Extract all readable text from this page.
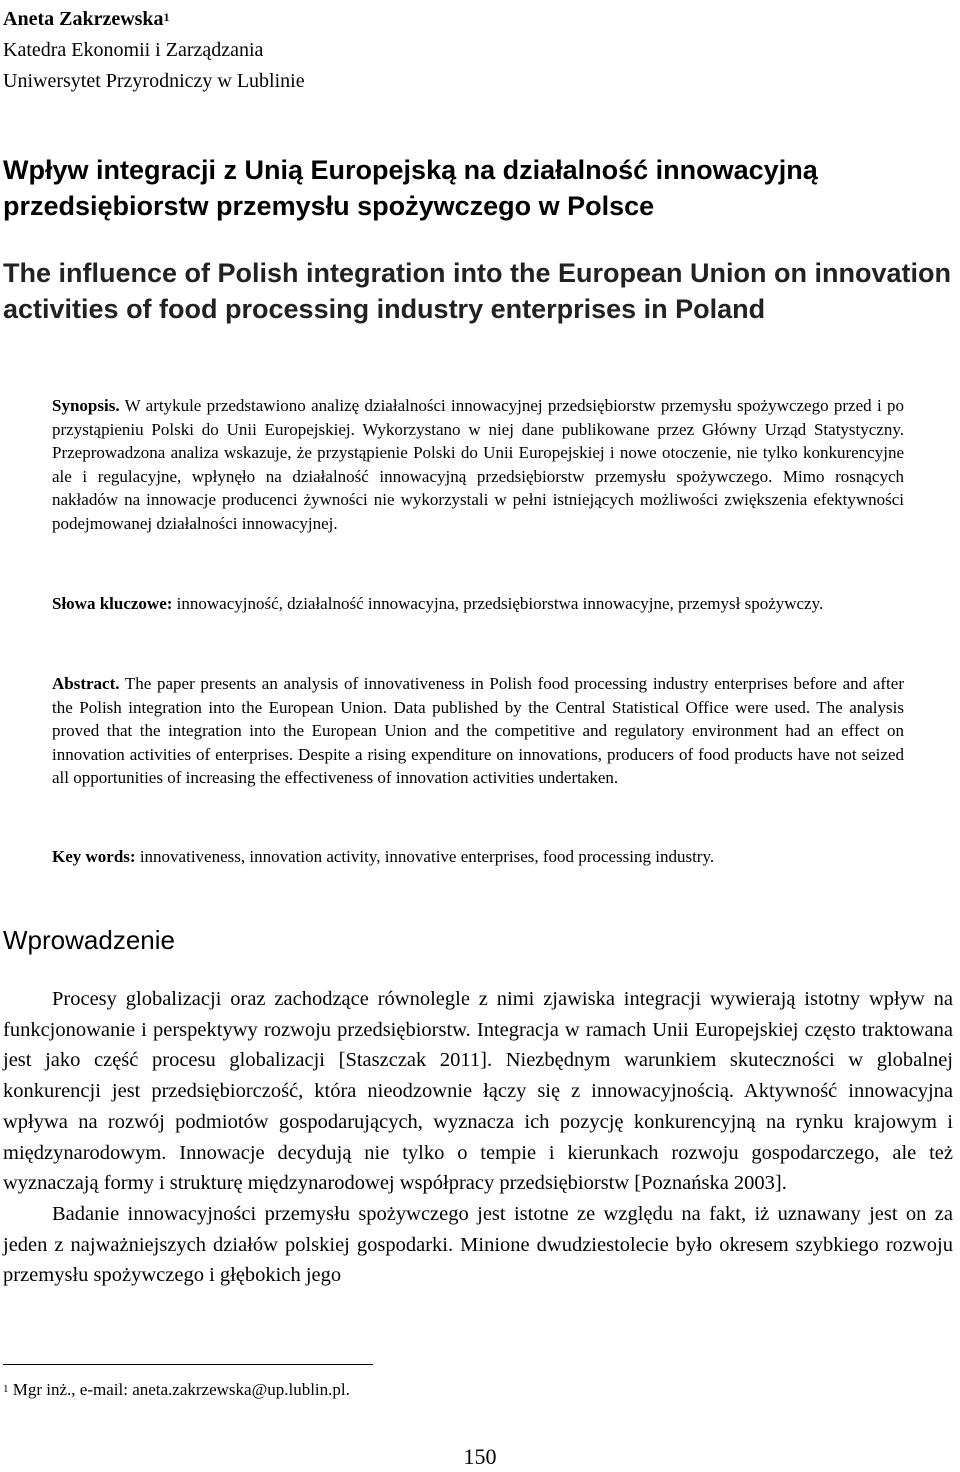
Aneta Zakrzewska$^1$
Katedra Ekonomii i Zarządzania
Uniwersytet Przyrodniczy w Lublinie
Wpływ integracji z Unią Europejską na działalność innowacyjną przedsiębiorstw przemysłu spożywczego w Polsce
The influence of Polish integration into the European Union on innovation activities of food processing industry enterprises in Poland
Synopsis. W artykule przedstawiono analizę działalności innowacyjnej przedsiębiorstw przemysłu spożywczego przed i po przystąpieniu Polski do Unii Europejskiej. Wykorzystano w niej dane publikowane przez Główny Urząd Statystyczny. Przeprowadzona analiza wskazuje, że przystąpienie Polski do Unii Europejskiej i nowe otoczenie, nie tylko konkurencyjne ale i regulacyjne, wpłynęło na działalność innowacyjną przedsiębiorstw przemysłu spożywczego. Mimo rosnących nakładów na innowacje producenci żywności nie wykorzystali w pełni istniejących możliwości zwiększenia efektywności podejmowanej działalności innowacyjnej.
Słowa kluczowe: innowacyjność, działalność innowacyjna, przedsiębiorstwa innowacyjne, przemysł spożywczy.
Abstract. The paper presents an analysis of innovativeness in Polish food processing industry enterprises before and after the Polish integration into the European Union. Data published by the Central Statistical Office were used. The analysis proved that the integration into the European Union and the competitive and regulatory environment had an effect on innovation activities of enterprises. Despite a rising expenditure on innovations, producers of food products have not seized all opportunities of increasing the effectiveness of innovation activities undertaken.
Key words: innovativeness, innovation activity, innovative enterprises, food processing industry.
Wprowadzenie

Procesy globalizacji oraz zachodzące równolegle z nimi zjawiska integracji wywierają istotny wpływ na funkcjonowanie i perspektywy rozwoju przedsiębiorstw. Integracja w ramach Unii Europejskiej często traktowana jest jako część procesu globalizacji [Staszczak 2011]. Niezbędnym warunkiem skuteczności w globalnej konkurencji jest przedsiębiorczość, która nieodzownie łączy się z innowacyjnością. Aktywność innowacyjna wpływa na rozwój podmiotów gospodarujących, wyznacza ich pozycję konkurencyjną na rynku krajowym i międzynarodowym. Innowacje decydują nie tylko o tempie i kierunkach rozwoju gospodarczego, ale też wyznaczają formy i strukturę międzynarodowej współpracy przedsiębiorstw [Poznańska 2003].

Badanie innowacyjności przemysłu spożywczego jest istotne ze względu na fakt, iż uznawany jest on za jeden z najważniejszych działów polskiej gospodarki. Minione dwudziestolecie było okresem szybkiego rozwoju przemysłu spożywczego i głębokich jego

$^1$ Mgr inż., e-mail: aneta.zakrzewska@up.lublin.pl.
150
